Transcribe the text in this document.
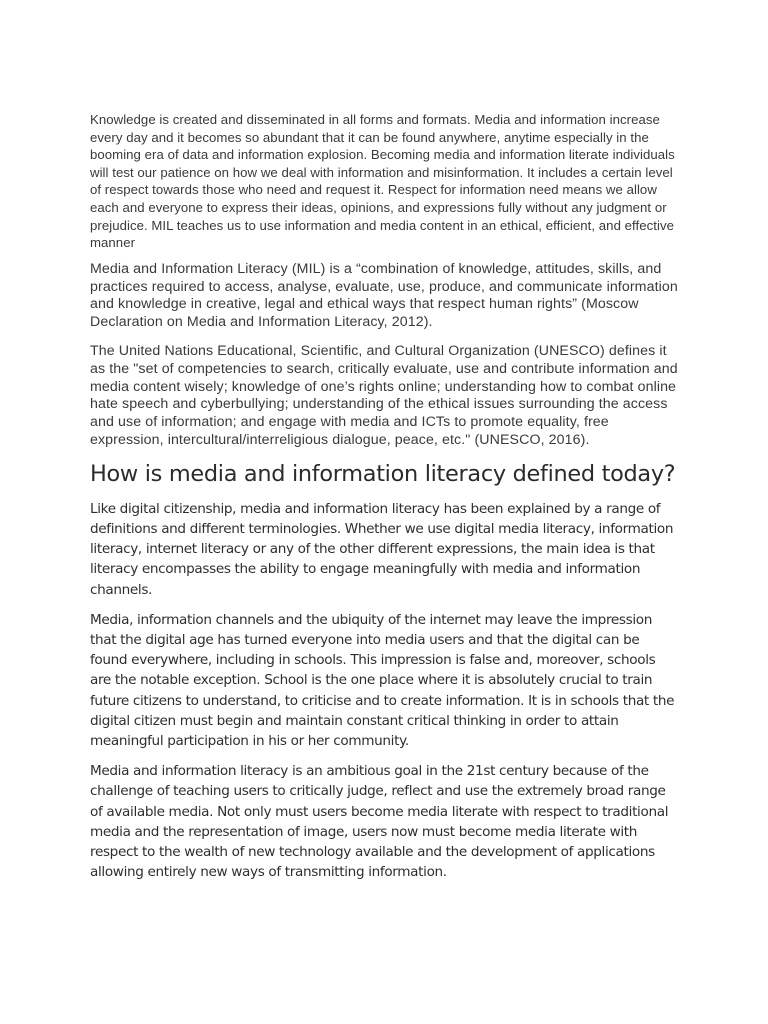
Knowledge is created and disseminated in all forms and formats. Media and information increase every day and it becomes so abundant that it can be found anywhere, anytime especially in the booming era of data and information explosion. Becoming media and information literate individuals will test our patience on how we deal with information and misinformation. It includes a certain level of respect towards those who need and request it. Respect for information need means we allow each and everyone to express their ideas, opinions, and expressions fully without any judgment or prejudice. MIL teaches us to use information and media content in an ethical, efficient, and effective manner

Media and Information Literacy (MIL) is a “combination of knowledge, attitudes, skills, and practices required to access, analyse, evaluate, use, produce, and communicate information and knowledge in creative, legal and ethical ways that respect human rights” (Moscow Declaration on Media and Information Literacy, 2012).

The United Nations Educational, Scientific, and Cultural Organization (UNESCO) defines it as the "set of competencies to search, critically evaluate, use and contribute information and media content wisely; knowledge of one’s rights online; understanding how to combat online hate speech and cyberbullying; understanding of the ethical issues surrounding the access and use of information; and engage with media and ICTs to promote equality, free expression, intercultural/interreligious dialogue, peace, etc." (UNESCO, 2016).

How is media and information literacy defined today?

Like digital citizenship, media and information literacy has been explained by a range of definitions and different terminologies. Whether we use digital media literacy, information literacy, internet literacy or any of the other different expressions, the main idea is that literacy encompasses the ability to engage meaningfully with media and information channels.

Media, information channels and the ubiquity of the internet may leave the impression that the digital age has turned everyone into media users and that the digital can be found everywhere, including in schools. This impression is false and, moreover, schools are the notable exception. School is the one place where it is absolutely crucial to train future citizens to understand, to criticise and to create information. It is in schools that the digital citizen must begin and maintain constant critical thinking in order to attain meaningful participation in his or her community.

Media and information literacy is an ambitious goal in the 21st century because of the challenge of teaching users to critically judge, reflect and use the extremely broad range of available media. Not only must users become media literate with respect to traditional media and the representation of image, users now must become media literate with respect to the wealth of new technology available and the development of applications allowing entirely new ways of transmitting information.
